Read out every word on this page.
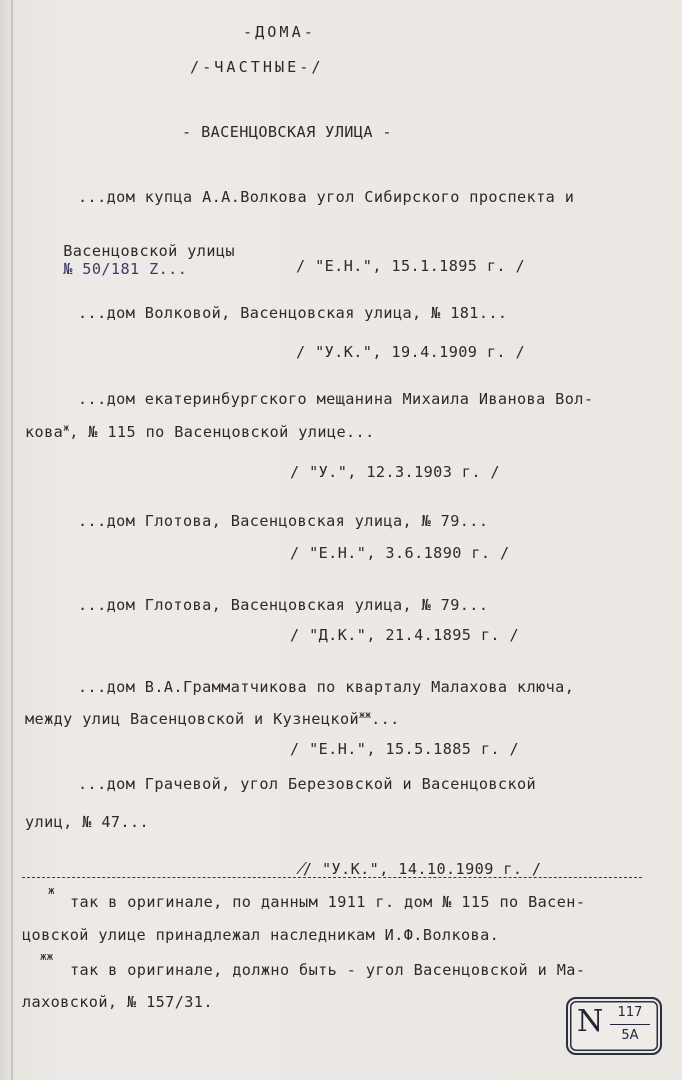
-ДОМА-
/-ЧАСТНЫЕ-/
- ВАСЕНЦОВСКАЯ УЛИЦА -
...дом купца А.А.Волкова угол Сибирского проспекта и

Васенцовской улицы
№ 50/181 Z...
	/ "Е.Н.", 15.1.1895 г. /
...дом Волковой, Васенцовская улица, № 181...
/ "У.К.", 19.4.1909 г. /
...дом екатеринбургского мещанина Михаила Иванова Вол-
кова$^ж$, № 115 по Васенцовской улице...
/ "У.", 12.3.1903 г. /
...дом Глотова, Васенцовская улица, № 79...
/ "Е.Н.", 3.6.1890 г. /
...дом Глотова, Васенцовская улица, № 79...
/ "Д.К.", 21.4.1895 г. /
...дом В.А.Грамматчикова по кварталу Малахова ключа,
между улиц Васенцовской и Кузнецкой$^{жж}$...
/ "Е.Н.", 15.5.1885 г. /
...дом Грачевой, угол Березовской и Васенцовской
улиц, № 47...

⁄/ "У.К.", 14.10.1909 г. /

ж
так в оригинале, по данным 1911 г. дом № 115 по Васен-
цовской улице принадлежал наследникам И.Ф.Волкова.
жж
так в оригинале, должно быть - угол Васенцовской и Ма-
лаховской, № 157/31.
N	117
5А
